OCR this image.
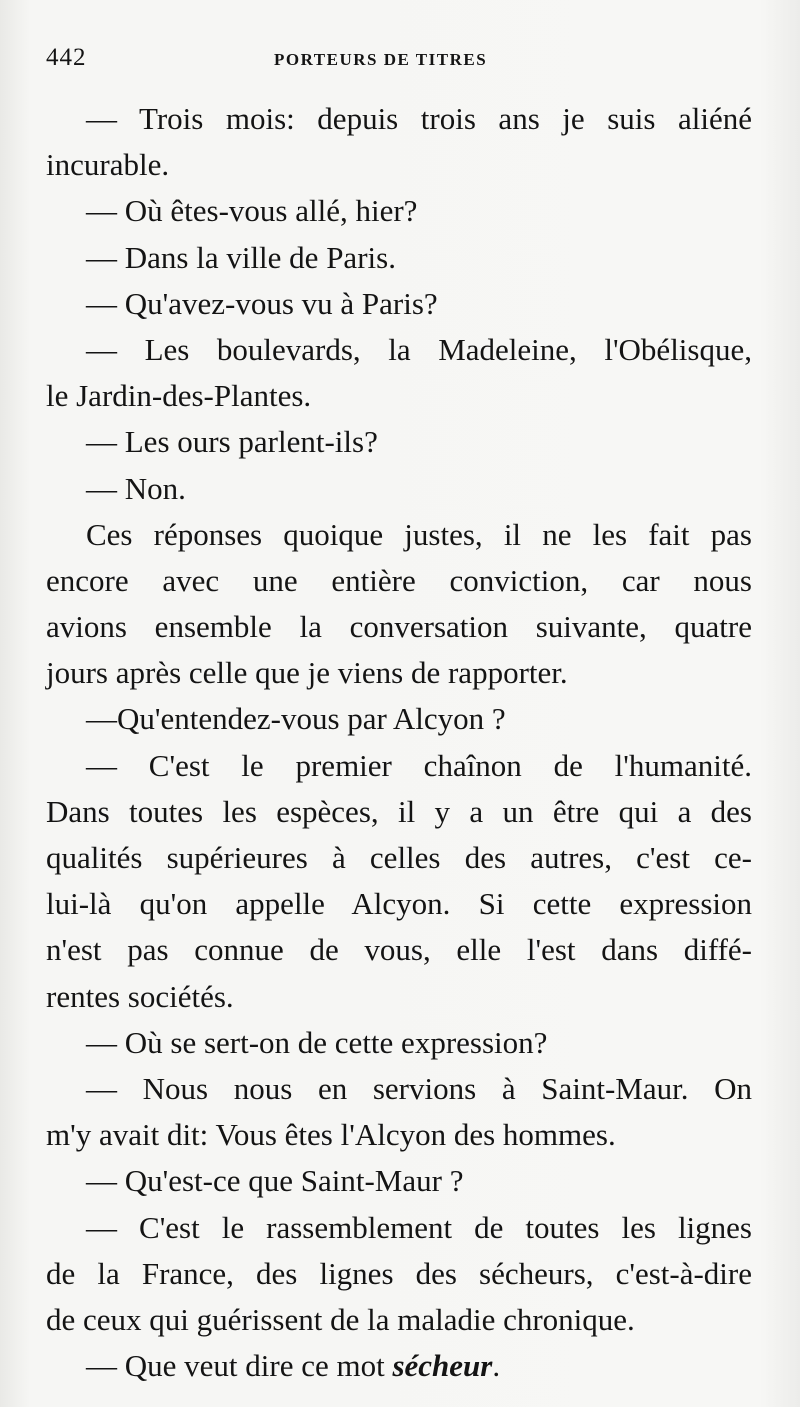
442	PORTEURS DE TITRES
— Trois mois: depuis trois ans je suis aliéné
incurable.
— Où êtes-vous allé, hier?
— Dans la ville de Paris.
— Qu'avez-vous vu à Paris?
— Les boulevards, la Madeleine, l'Obélisque,
le Jardin-des-Plantes.
— Les ours parlent-ils?
— Non.
Ces réponses quoique justes, il ne les fait pas
encore avec une entière conviction, car nous
avions ensemble la conversation suivante, quatre
jours après celle que je viens de rapporter.
—Qu'entendez-vous par Alcyon ?
— C'est le premier chaînon de l'humanité.
Dans toutes les espèces, il y a un être qui a des
qualités supérieures à celles des autres, c'est ce-
lui-là qu'on appelle Alcyon. Si cette expression
n'est pas connue de vous, elle l'est dans diffé-
rentes sociétés.
— Où se sert-on de cette expression?
— Nous nous en servions à Saint-Maur. On
m'y avait dit: Vous êtes l'Alcyon des hommes.
— Qu'est-ce que Saint-Maur ?
— C'est le rassemblement de toutes les lignes
de la France, des lignes des sécheurs, c'est-à-dire
de ceux qui guérissent de la maladie chronique.
— Que veut dire ce mot sécheur.
